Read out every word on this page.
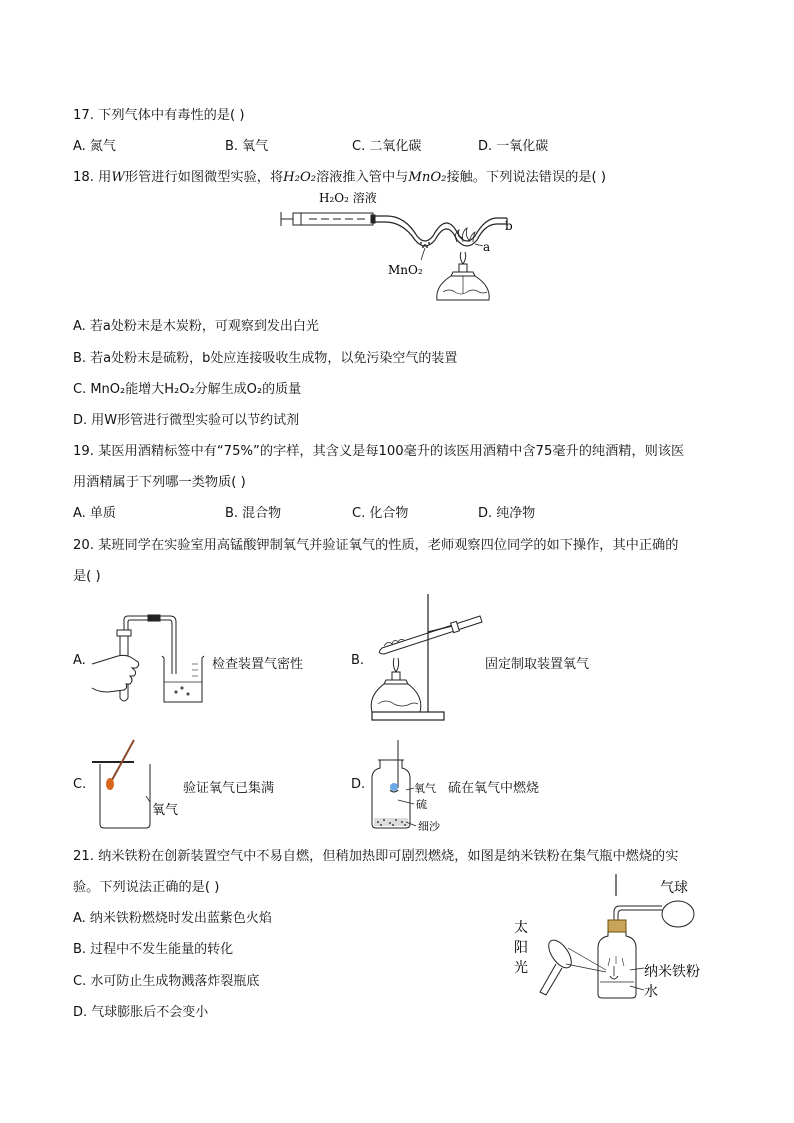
17. 下列气体中有毒性的是( )
A. 氮气	B. 氧气	C. 二氧化碳	D. 一氧化碳
18. 用W形管进行如图微型实验，将H₂O₂溶液推入管中与MnO₂接触。下列说法错误的是( )
H₂O₂ 溶液
MnO₂
a
b
A. 若a处粉末是木炭粉，可观察到发出白光
B. 若a处粉末是硫粉，b处应连接吸收生成物，以免污染空气的装置
C. MnO₂能增大H₂O₂分解生成O₂的质量
D. 用W形管进行微型实验可以节约试剂
19. 某医用酒精标签中有“75%”的字样，其含义是每100毫升的该医用酒精中含75毫升的纯酒精，则该医
用酒精属于下列哪一类物质( )
A. 单质	B. 混合物	C. 化合物	D. 纯净物
20. 某班同学在实验室用高锰酸钾制氧气并验证氧气的性质，老师观察四位同学的如下操作，其中正确的
是( )
A.	检查装置气密性	B.	固定制取装置氧气
C.
氧气
验证氧气已集满	D.	氧气
硫
细沙
硫在氧气中燃烧
21. 纳米铁粉在创新装置空气中不易自燃，但稍加热即可剧烈燃烧，如图是纳米铁粉在集气瓶中燃烧的实
验。下列说法正确的是( )
A. 纳米铁粉燃烧时发出蓝紫色火焰
B. 过程中不发生能量的转化
C. 水可防止生成物溅落炸裂瓶底
D. 气球膨胀后不会变小
气球
太
阳
光	纳米铁粉
水
